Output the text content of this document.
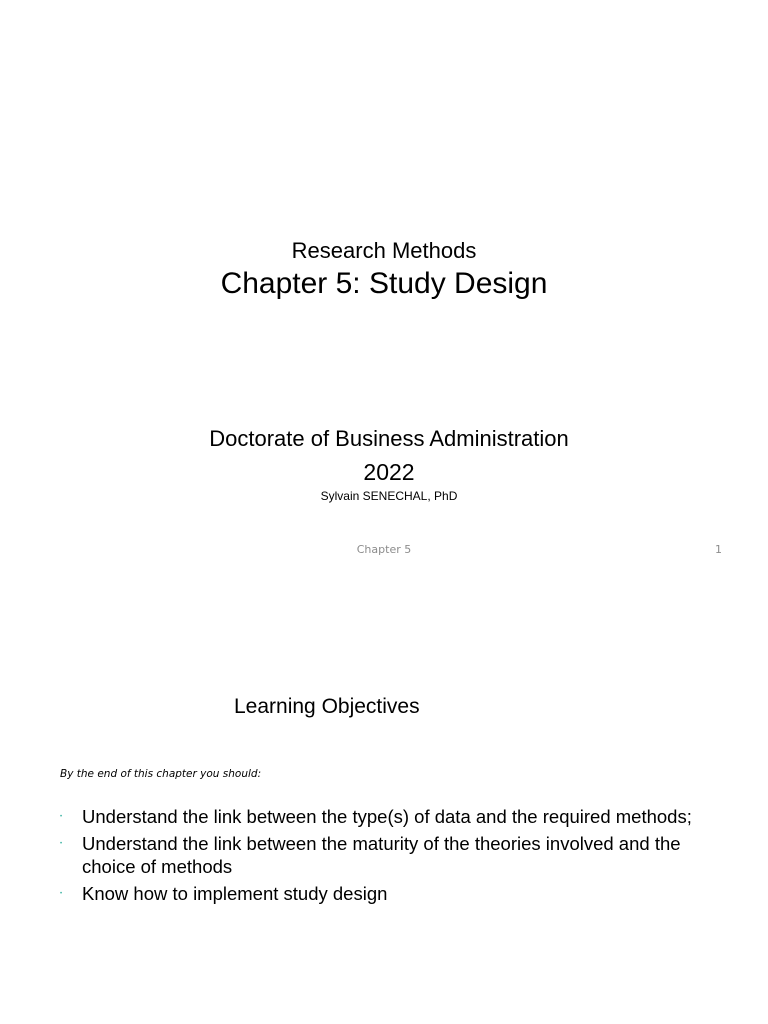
Research Methods
Chapter 5: Study Design
Doctorate of Business Administration
2022
Sylvain SENECHAL, PhD
Chapter 5	1
Learning Objectives
By the end of this chapter you should:
• Understand the link between the type(s) of data and the required methods;
• Understand the link between the maturity of the theories involved and the choice of methods
• Know how to implement study design
